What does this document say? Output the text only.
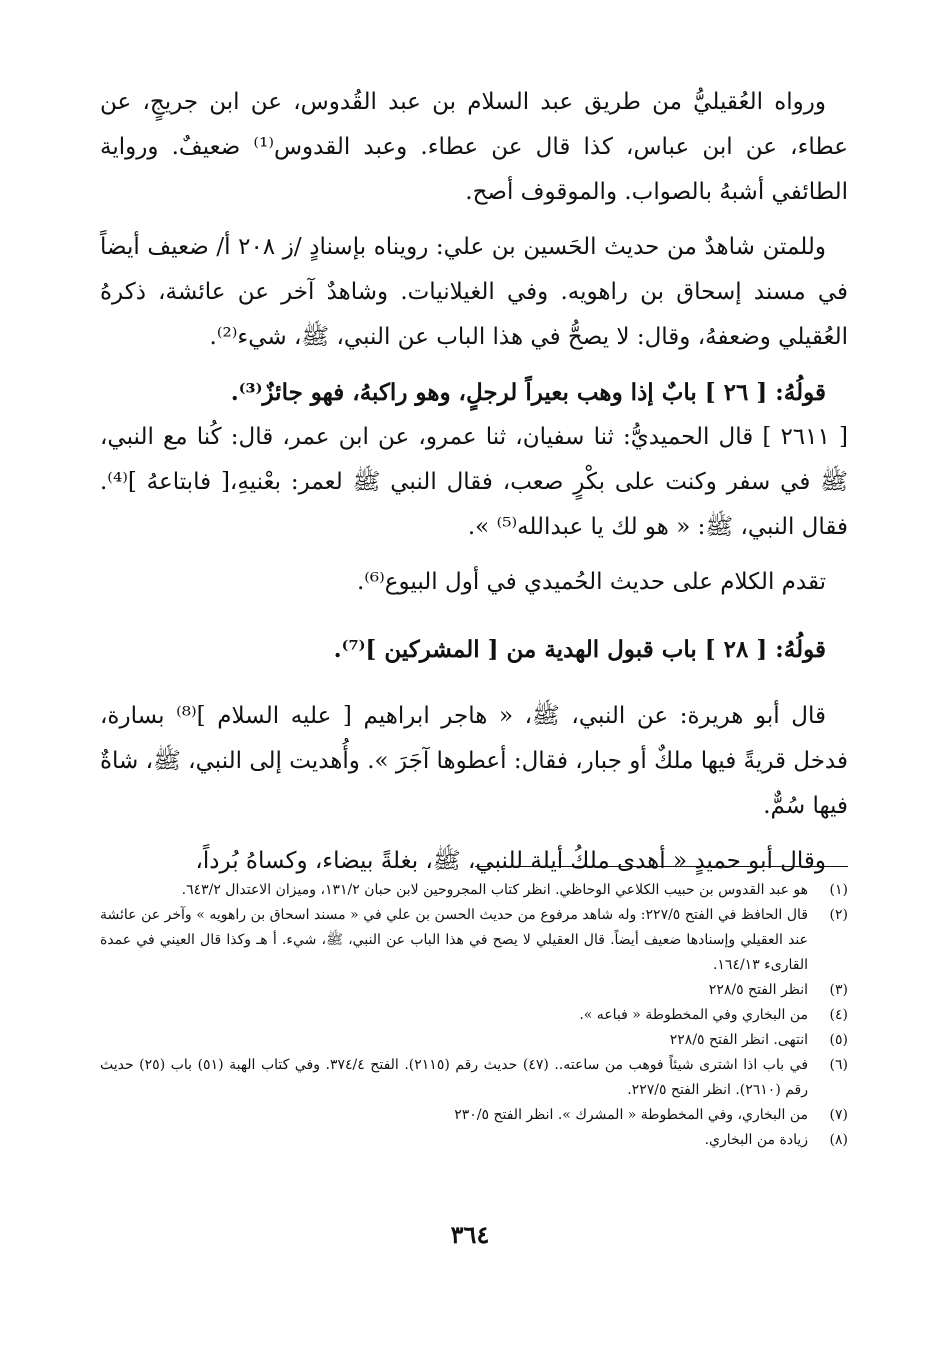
ورواه العُقيليُّ من طريق عبد السلام بن عبد القُدوس، عن ابن جريجٍ، عن عطاء، عن ابن عباس، كذا قال عن عطاء. وعبد القدوس⁽¹⁾ ضعيفٌ. ورواية الطائفي أشبهُ بالصواب. والموقوف أصح.

وللمتن شاهدٌ من حديث الحَسين بن علي: رويناه بإسنادٍ /ز ٢٠٨ أ/ ضعيف أيضاً في مسند إسحاق بن راهويه. وفي الغيلانيات. وشاهدٌ آخر عن عائشة، ذكرهُ العُقيلي وضعفهُ، وقال: لا يصحُّ في هذا الباب عن النبي، ﷺ، شيء⁽²⁾.

قولُهُ: [ ٢٦ ] بابٌ إذا وهب بعيراً لرجلٍ، وهو راكبهُ، فهو جائزٌ⁽³⁾.

[ ٢٦١١ ] قال الحميديُّ: ثنا سفيان، ثنا عمرو، عن ابن عمر، قال: كُنا مع النبي، ﷺ في سفر وكنت على بكْرٍ صعب، فقال النبي ﷺ لعمر: بعْنيهِ،[ فابتاعهُ ]⁽⁴⁾. فقال النبي، ﷺ: « هو لك يا عبدالله⁽⁵⁾ ».

تقدم الكلام على حديث الحُميدي في أول البيوع⁽⁶⁾.

قولُهُ: [ ٢٨ ] باب قبول الهدية من [ المشركين ]⁽⁷⁾.

قال أبو هريرة: عن النبي، ﷺ، « هاجر ابراهيم [ عليه السلام ]⁽⁸⁾ بسارة، فدخل قريةً فيها ملكٌ أو جبار، فقال: أعطوها آجَرَ ». وأُهديت إلى النبي، ﷺ، شاةٌ فيها سُمٌّ.

وقال أبو حميدٍ « أهدى ملكُ أيلة للنبي، ﷺ، بغلةً بيضاء، وكساهُ بُرداً،

(١)
هو عبد القدوس بن حبيب الكلاعي الوحاظي. انظر كتاب المجروحين لابن حبان ١٣١/٢، وميزان الاعتدال ٦٤٣/٢.
(٢)
قال الحافظ في الفتح ٢٢٧/٥: وله شاهد مرفوع من حديث الحسن بن علي في « مسند اسحاق بن راهويه » وآخر عن عائشة عند العقيلي وإسنادها ضعيف أيضاً. قال العقيلي لا يصح في هذا الباب عن النبي، ﷺ، شيء. أ هـ وكذا قال العيني في عمدة القارىء ١٦٤/١٣.
(٣)
انظر الفتح ٢٢٨/٥
(٤)
من البخاري وفي المخطوطة « فباعه ».
(٥)
انتهى. انظر الفتح ٢٢٨/٥
(٦)
في باب اذا اشترى شيئاً فوهب من ساعته.. (٤٧) حديث رقم (٢١١٥). الفتح ٣٧٤/٤. وفي كتاب الهبة (٥١) باب (٢٥) حديث رقم (٢٦١٠). انظر الفتح ٢٢٧/٥.
(٧)
من البخاري، وفي المخطوطة « المشرك ». انظر الفتح ٢٣٠/٥
(٨)
زيادة من البخاري.
٣٦٤
